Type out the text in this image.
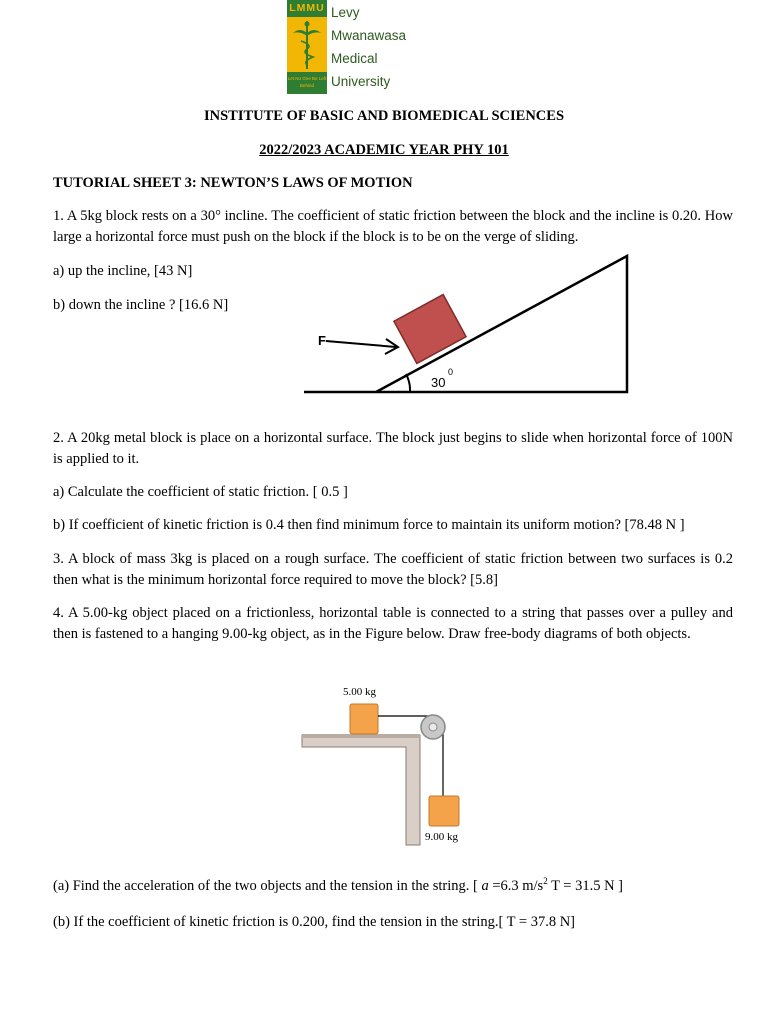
LMMU
Let No One Be Left Behind
Levy
Mwanawasa
Medical
University
INSTITUTE OF BASIC AND BIOMEDICAL SCIENCES
2022/2023 ACADEMIC YEAR PHY 101
TUTORIAL SHEET 3: NEWTON’S LAWS OF MOTION
1. A 5kg block rests on a 30° incline. The coefficient of static friction between the block and the incline is 0.20. How large a horizontal force must push on the block if the block is to be on the verge of sliding.
a) up the incline, [43 N]
b) down the incline ? [16.6 N]
F
30
0
2. A 20kg metal block is place on a horizontal surface. The block just begins to slide when horizontal force of 100N is applied to it.
a) Calculate the coefficient of static friction. [ 0.5 ]
b) If coefficient of kinetic friction is 0.4 then find minimum force to maintain its uniform motion? [78.48 N ]
3. A block of mass 3kg is placed on a rough surface. The coefficient of static friction between two surfaces is 0.2 then what is the minimum horizontal force required to move the block? [5.8]
4. A 5.00-kg object placed on a frictionless, horizontal table is connected to a string that passes over a pulley and then is fastened to a hanging 9.00-kg object, as in the Figure below. Draw free-body diagrams of both objects.
5.00 kg
9.00 kg
(a) Find the acceleration of the two objects and the tension in the string. [ a =6.3 $m/s^2$ T = 31.5 N ]
(b) If the coefficient of kinetic friction is 0.200, find the tension in the string.[ T = 37.8 N]
